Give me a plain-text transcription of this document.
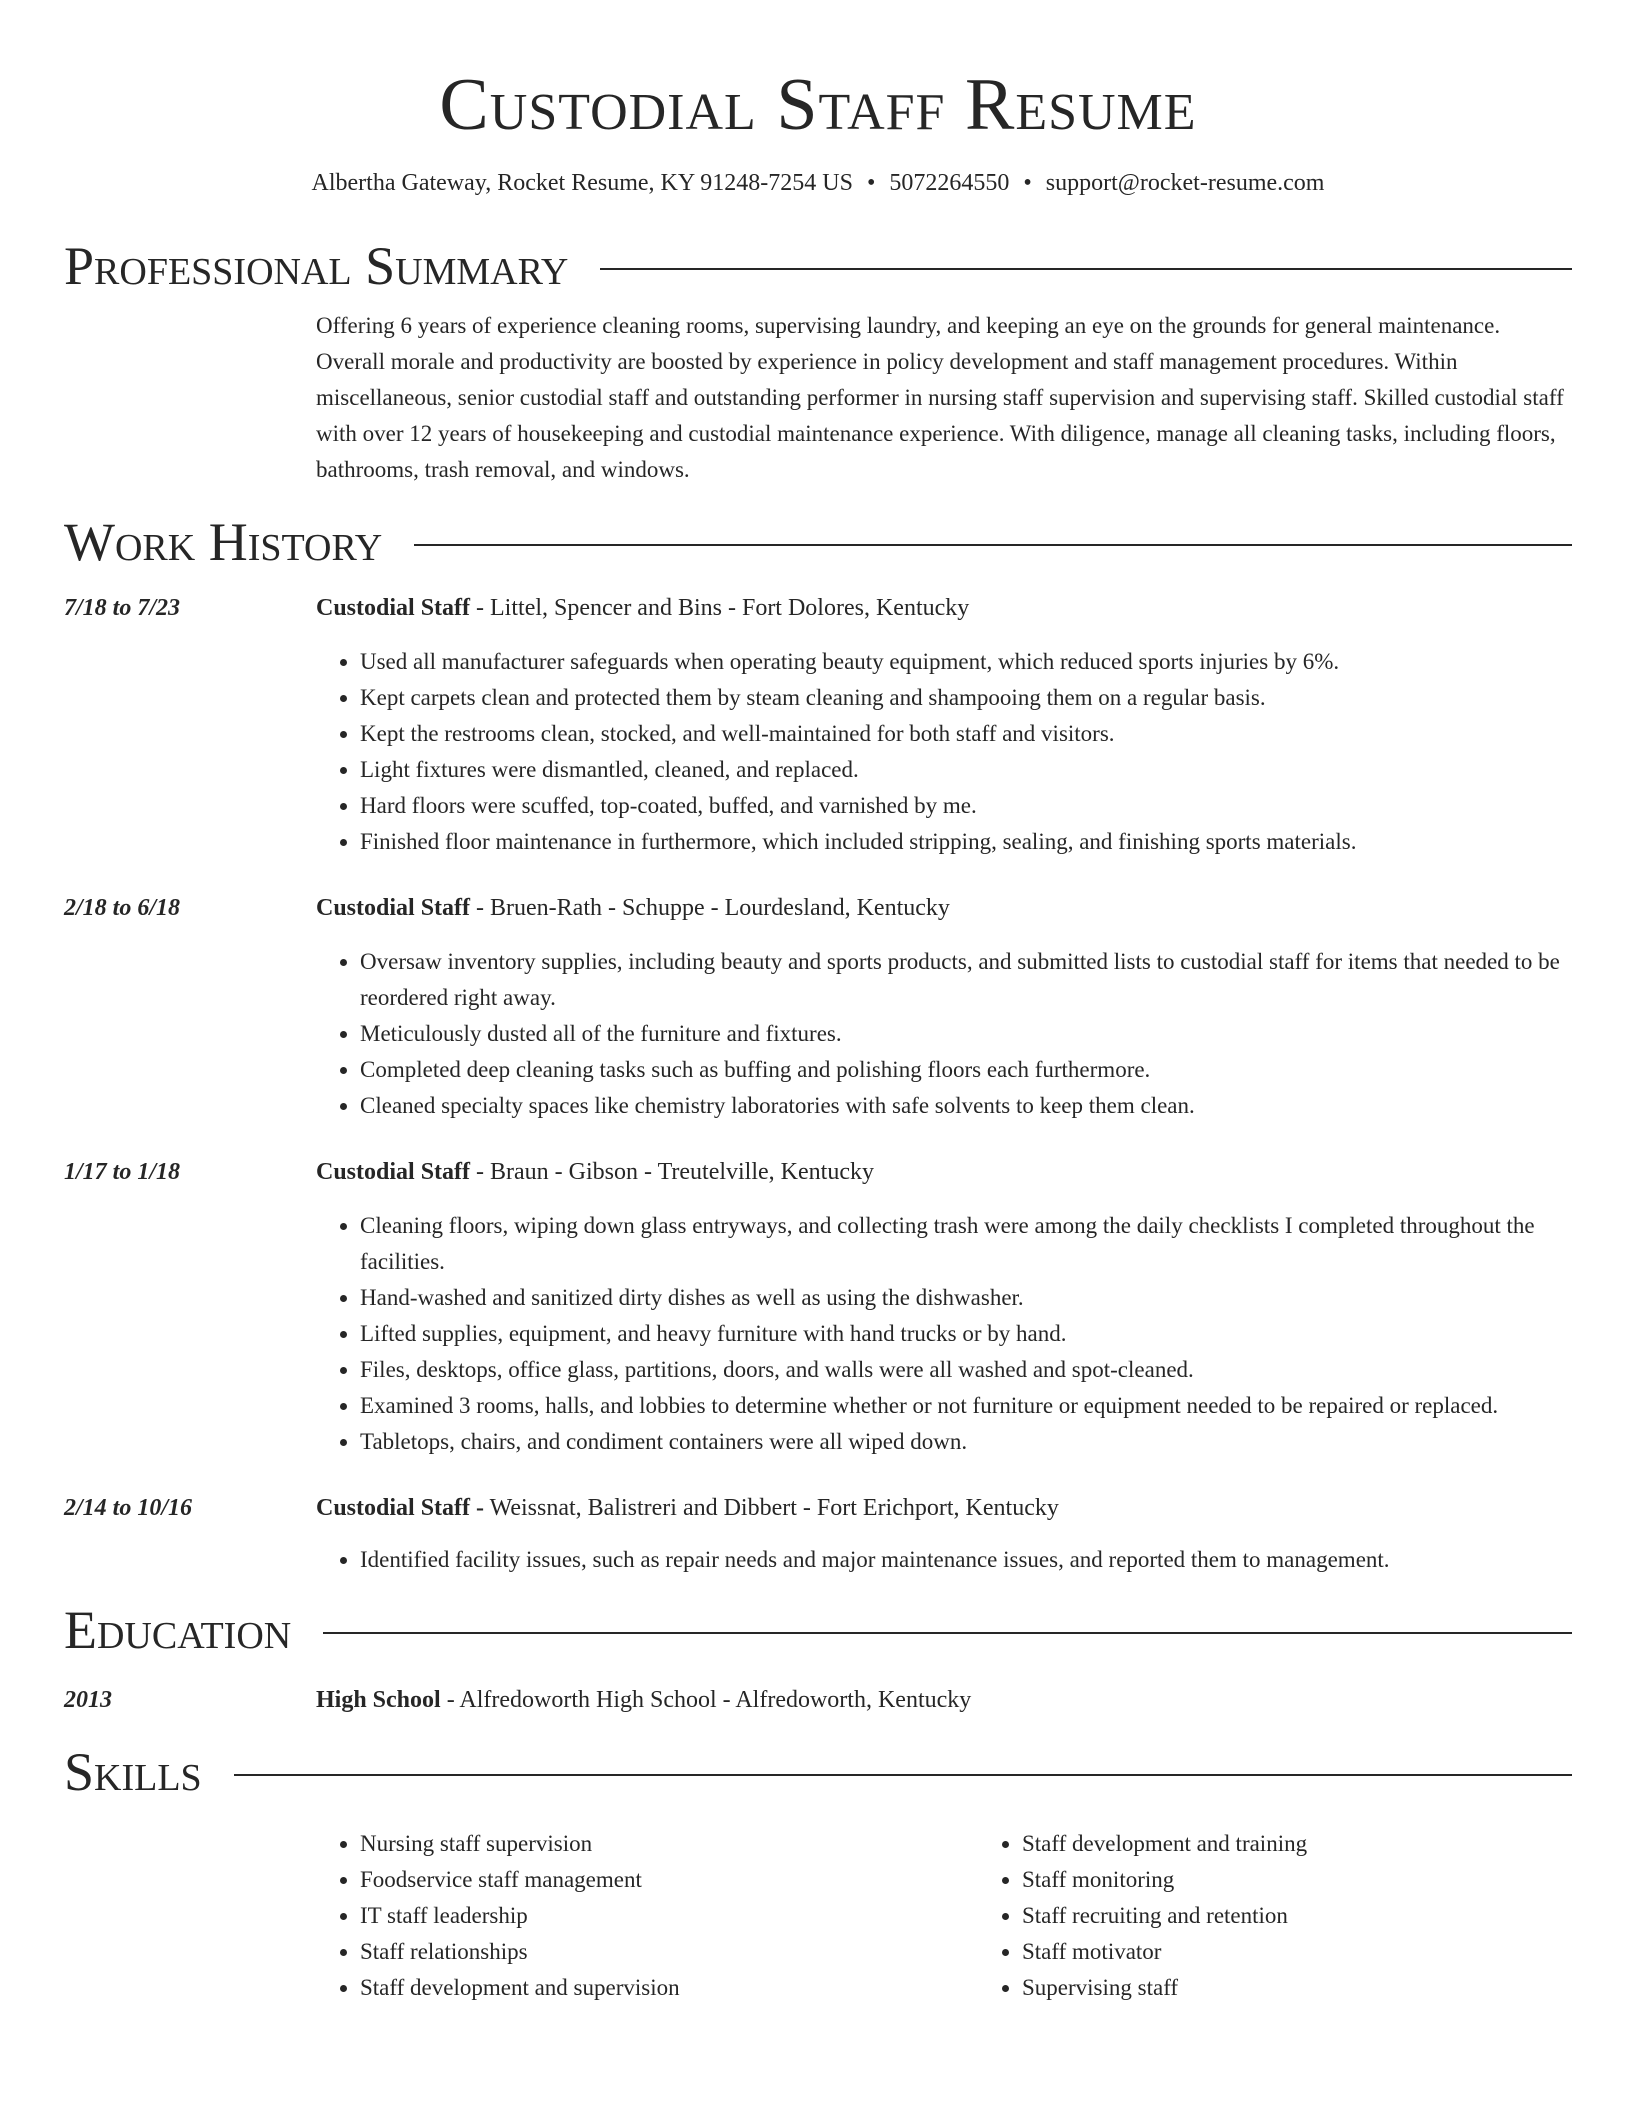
Custodial Staff Resume
Albertha Gateway, Rocket Resume, KY 91248-7254 US • 5072264550 • support@rocket-resume.com
Professional Summary

Offering 6 years of experience cleaning rooms, supervising laundry, and keeping an eye on the grounds for general maintenance. Overall morale and productivity are boosted by experience in policy development and staff management procedures. Within miscellaneous, senior custodial staff and outstanding performer in nursing staff supervision and supervising staff. Skilled custodial staff with over 12 years of housekeeping and custodial maintenance experience. With diligence, manage all cleaning tasks, including floors, bathrooms, trash removal, and windows.

Work History
7/18 to 7/23	Custodial Staff - Littel, Spencer and Bins - Fort Dolores, Kentucky
• Used all manufacturer safeguards when operating beauty equipment, which reduced sports injuries by 6%.
• Kept carpets clean and protected them by steam cleaning and shampooing them on a regular basis.
• Kept the restrooms clean, stocked, and well-maintained for both staff and visitors.
• Light fixtures were dismantled, cleaned, and replaced.
• Hard floors were scuffed, top-coated, buffed, and varnished by me.
• Finished floor maintenance in furthermore, which included stripping, sealing, and finishing sports materials.
2/18 to 6/18	Custodial Staff - Bruen-Rath - Schuppe - Lourdesland, Kentucky
• Oversaw inventory supplies, including beauty and sports products, and submitted lists to custodial staff for items that needed to be reordered right away.
• Meticulously dusted all of the furniture and fixtures.
• Completed deep cleaning tasks such as buffing and polishing floors each furthermore.
• Cleaned specialty spaces like chemistry laboratories with safe solvents to keep them clean.
1/17 to 1/18	Custodial Staff - Braun - Gibson - Treutelville, Kentucky
• Cleaning floors, wiping down glass entryways, and collecting trash were among the daily checklists I completed throughout the facilities.
• Hand-washed and sanitized dirty dishes as well as using the dishwasher.
• Lifted supplies, equipment, and heavy furniture with hand trucks or by hand.
• Files, desktops, office glass, partitions, doors, and walls were all washed and spot-cleaned.
• Examined 3 rooms, halls, and lobbies to determine whether or not furniture or equipment needed to be repaired or replaced.
• Tabletops, chairs, and condiment containers were all wiped down.
2/14 to 10/16	Custodial Staff - Weissnat, Balistreri and Dibbert - Fort Erichport, Kentucky
• Identified facility issues, such as repair needs and major maintenance issues, and reported them to management.
Education
2013	High School - Alfredoworth High School - Alfredoworth, Kentucky
Skills
• Nursing staff supervision
• Foodservice staff management
• IT staff leadership
• Staff relationships
• Staff development and supervision
• Staff development and training
• Staff monitoring
• Staff recruiting and retention
• Staff motivator
• Supervising staff
